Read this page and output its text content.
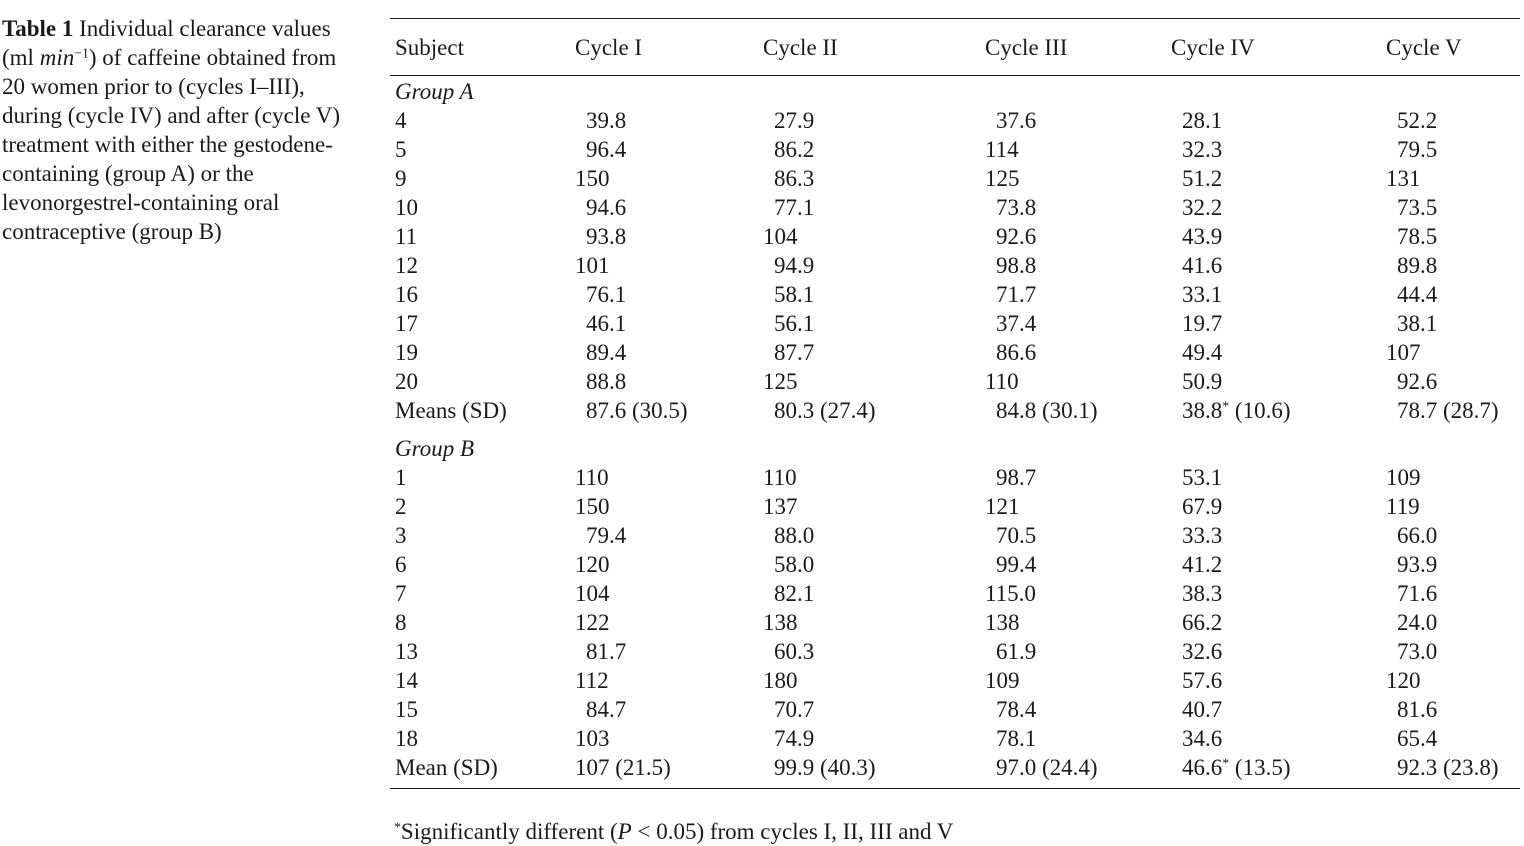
Table 1 Individual clearance values (ml $\min^{-1}$) of caffeine obtained from 20 women prior to (cycles I–III), during (cycle IV) and after (cycle V) treatment with either the gestodene-containing (group A) or the levonorgestrel-containing oral contraceptive (group B)
Subject	Cycle I	Cycle II	Cycle III	Cycle IV	Cycle V
Group A					
4	39.8	27.9	37.6	28.1	52.2
5	96.4	86.2	114	32.3	79.5
9	150	86.3	125	51.2	131
10	94.6	77.1	73.8	32.2	73.5
11	93.8	104	92.6	43.9	78.5
12	101	94.9	98.8	41.6	89.8
16	76.1	58.1	71.7	33.1	44.4
17	46.1	56.1	37.4	19.7	38.1
19	89.4	87.7	86.6	49.4	107
20	88.8	125	110	50.9	92.6
Means (SD)	87.6 (30.5)	80.3 (27.4)	84.8 (30.1)	38.8* (10.6)	78.7 (28.7)

Group B					
1	110	110	98.7	53.1	109
2	150	137	121	67.9	119
3	79.4	88.0	70.5	33.3	66.0
6	120	58.0	99.4	41.2	93.9
7	104	82.1	115.0	38.3	71.6
8	122	138	138	66.2	24.0
13	81.7	60.3	61.9	32.6	73.0
14	112	180	109	57.6	120
15	84.7	70.7	78.4	40.7	81.6
18	103	74.9	78.1	34.6	65.4
Mean (SD)	107 (21.5)	99.9 (40.3)	97.0 (24.4)	46.6* (13.5)	92.3 (23.8)

*Significantly different (P < 0.05) from cycles I, II, III and V
